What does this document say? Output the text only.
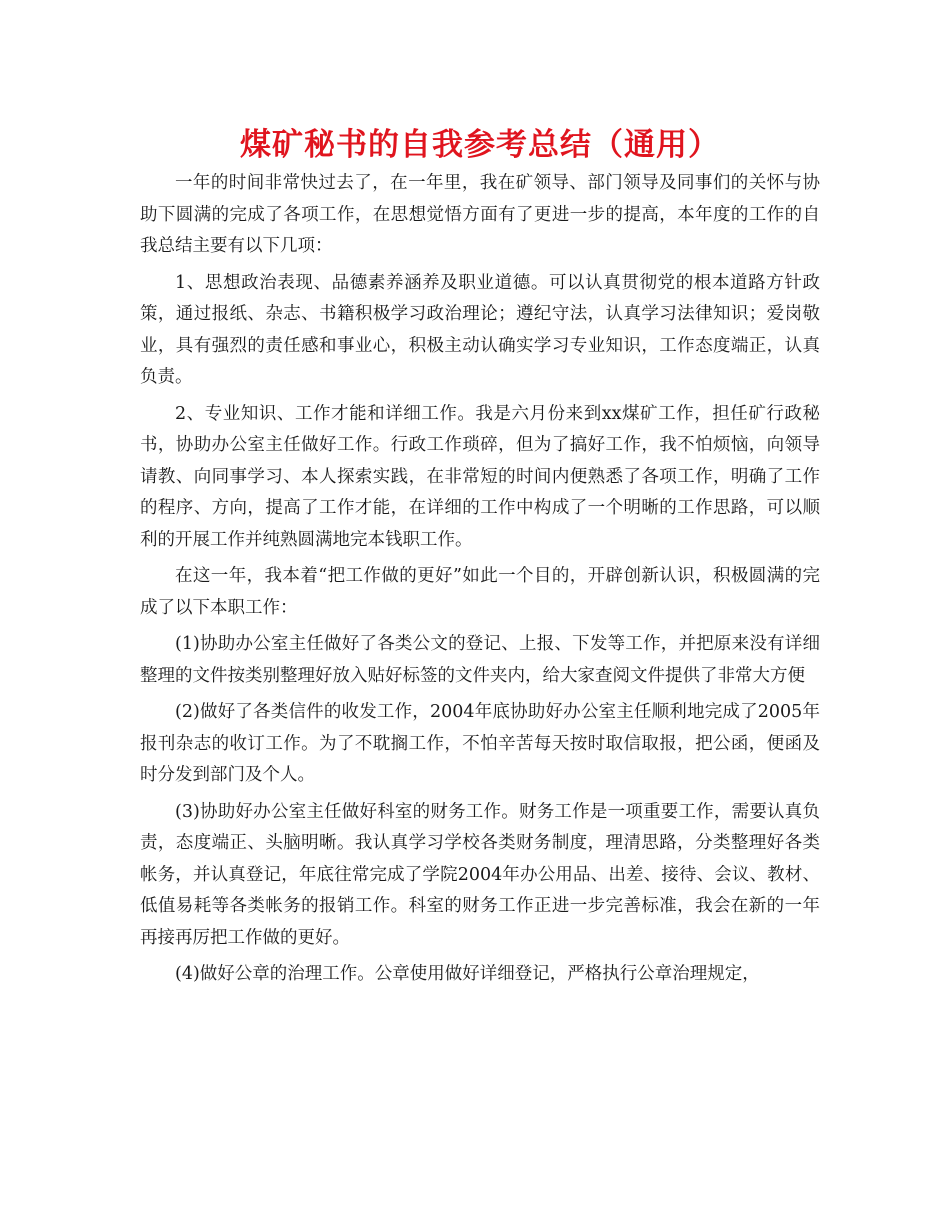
煤矿秘书的自我参考总结（通用）

一年的时间非常快过去了，在一年里，我在矿领导、部门领导及同事们的关怀与协助下圆满的完成了各项工作，在思想觉悟方面有了更进一步的提高，本年度的工作的自我总结主要有以下几项：

1、思想政治表现、品德素养涵养及职业道德。可以认真贯彻党的根本道路方针政策，通过报纸、杂志、书籍积极学习政治理论；遵纪守法，认真学习法律知识；爱岗敬业，具有强烈的责任感和事业心，积极主动认确实学习专业知识，工作态度端正，认真负责。

2、专业知识、工作才能和详细工作。我是六月份来到xx煤矿工作，担任矿行政秘书，协助办公室主任做好工作。行政工作琐碎，但为了搞好工作，我不怕烦恼，向领导请教、向同事学习、本人探索实践，在非常短的时间内便熟悉了各项工作，明确了工作的程序、方向，提高了工作才能，在详细的工作中构成了一个明晰的工作思路，可以顺利的开展工作并纯熟圆满地完本钱职工作。

在这一年，我本着“把工作做的更好”如此一个目的，开辟创新认识，积极圆满的完成了以下本职工作：

(1)协助办公室主任做好了各类公文的登记、上报、下发等工作，并把原来没有详细整理的文件按类别整理好放入贴好标签的文件夹内，给大家查阅文件提供了非常大方便

(2)做好了各类信件的收发工作，2004年底协助好办公室主任顺利地完成了2005年报刊杂志的收订工作。为了不耽搁工作，不怕辛苦每天按时取信取报，把公函，便函及时分发到部门及个人。

(3)协助好办公室主任做好科室的财务工作。财务工作是一项重要工作，需要认真负责，态度端正、头脑明晰。我认真学习学校各类财务制度，理清思路，分类整理好各类帐务，并认真登记，年底往常完成了学院2004年办公用品、出差、接待、会议、教材、低值易耗等各类帐务的报销工作。科室的财务工作正进一步完善标准，我会在新的一年再接再厉把工作做的更好。

(4)做好公章的治理工作。公章使用做好详细登记，严格执行公章治理规定，
